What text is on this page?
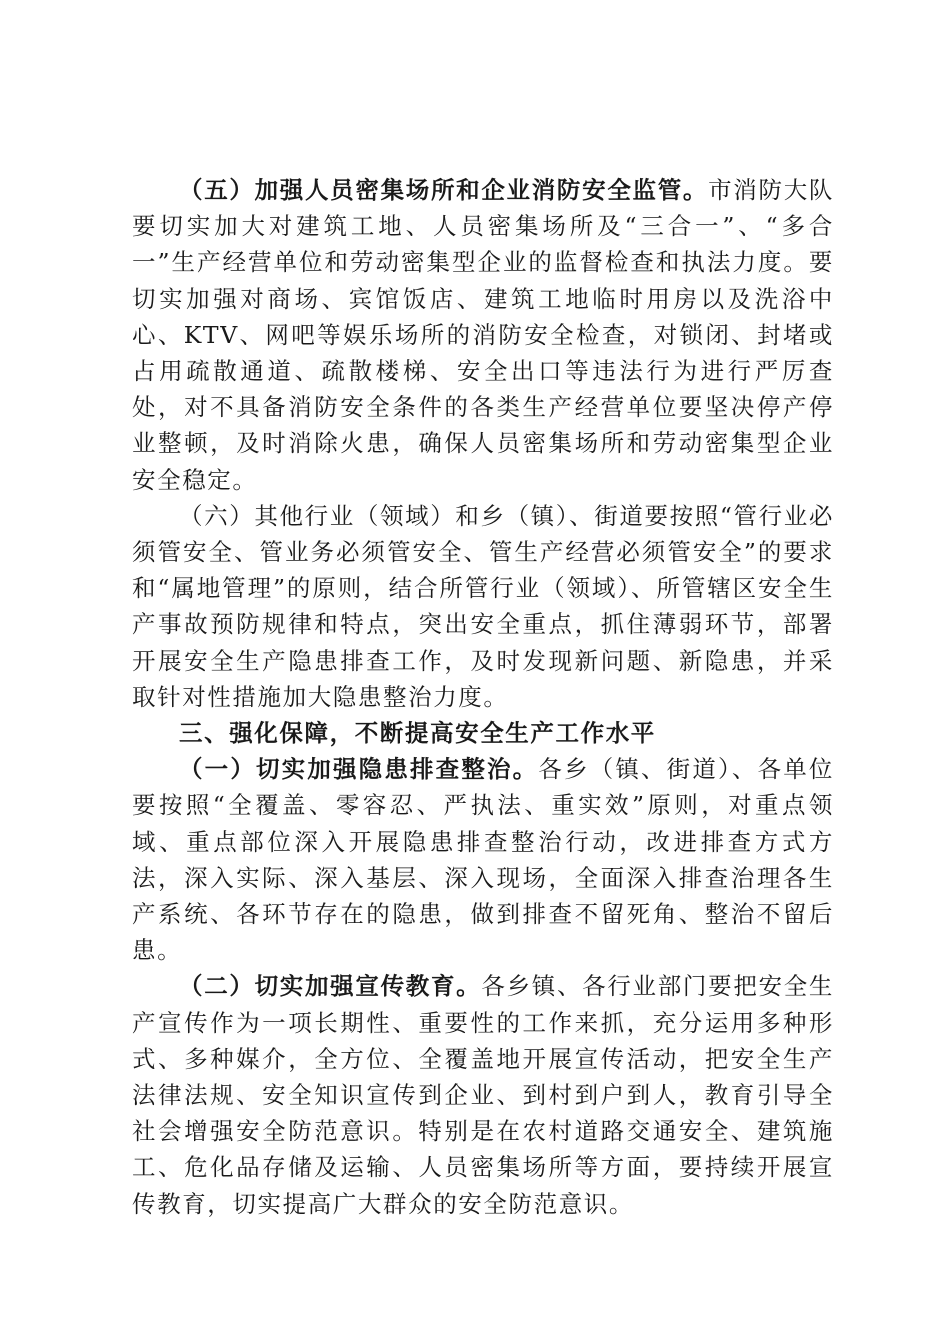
（五）加强人员密集场所和企业消防安全监管。市消防大队要切实加大对建筑工地、人员密集场所及“三合一”、“多合一”生产经营单位和劳动密集型企业的监督检查和执法力度。要切实加强对商场、宾馆饭店、建筑工地临时用房以及洗浴中心、KTV、网吧等娱乐场所的消防安全检查，对锁闭、封堵或占用疏散通道、疏散楼梯、安全出口等违法行为进行严厉查处，对不具备消防安全条件的各类生产经营单位要坚决停产停业整顿，及时消除火患，确保人员密集场所和劳动密集型企业安全稳定。

（六）其他行业（领域）和乡（镇）、街道要按照“管行业必须管安全、管业务必须管安全、管生产经营必须管安全”的要求和“属地管理”的原则，结合所管行业（领域）、所管辖区安全生产事故预防规律和特点，突出安全重点，抓住薄弱环节，部署开展安全生产隐患排查工作，及时发现新问题、新隐患，并采取针对性措施加大隐患整治力度。

三、强化保障，不断提高安全生产工作水平

（一）切实加强隐患排查整治。各乡（镇、街道）、各单位要按照“全覆盖、零容忍、严执法、重实效”原则，对重点领域、重点部位深入开展隐患排查整治行动，改进排查方式方法，深入实际、深入基层、深入现场，全面深入排查治理各生产系统、各环节存在的隐患，做到排查不留死角、整治不留后患。

（二）切实加强宣传教育。各乡镇、各行业部门要把安全生产宣传作为一项长期性、重要性的工作来抓，充分运用多种形式、多种媒介，全方位、全覆盖地开展宣传活动，把安全生产法律法规、安全知识宣传到企业、到村到户到人，教育引导全社会增强安全防范意识。特别是在农村道路交通安全、建筑施工、危化品存储及运输、人员密集场所等方面，要持续开展宣传教育，切实提高广大群众的安全防范意识。
